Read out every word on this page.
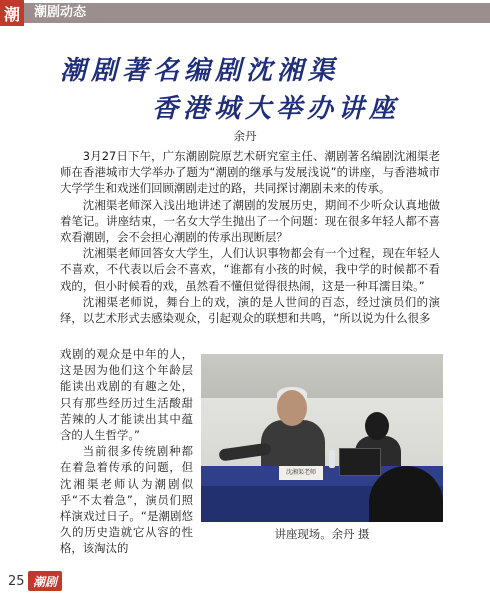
潮	潮剧动态
潮剧著名编剧沈湘渠
香港城大举办讲座
余丹

3月27日下午，广东潮剧院原艺术研究室主任、潮剧著名编剧沈湘渠老师在香港城市大学举办了题为“潮剧的继承与发展浅说”的讲座，与香港城市大学学生和戏迷们回顾潮剧走过的路，共同探讨潮剧未来的传承。

沈湘渠老师深入浅出地讲述了潮剧的发展历史，期间不少听众认真地做着笔记。讲座结束，一名女大学生抛出了一个问题：现在很多年轻人都不喜欢看潮剧，会不会担心潮剧的传承出现断层？

沈湘渠老师回答女大学生，人们认识事物都会有一个过程，现在年轻人不喜欢，不代表以后会不喜欢，“谁都有小孩的时候，我中学的时候都不看戏的，但小时候看的戏，虽然看不懂但觉得很热闹，这是一种耳濡目染。”

沈湘渠老师说，舞台上的戏，演的是人世间的百态，经过演员们的演绎，以艺术形式去感染观众，引起观众的联想和共鸣，“所以说为什么很多

戏剧的观众是中年的人，这是因为他们这个年龄层能读出戏剧的有趣之处，只有那些经历过生活酸甜苦辣的人才能读出其中蕴含的人生哲学。”

当前很多传统剧种都在着急着传承的问题，但沈湘渠老师认为潮剧似乎“不太着急”，演员们照样演戏过日子。“是潮剧悠久的历史造就它从容的性格，该淘汰的

沈湘渠老师
讲座现场。余丹 摄
25 潮剧
